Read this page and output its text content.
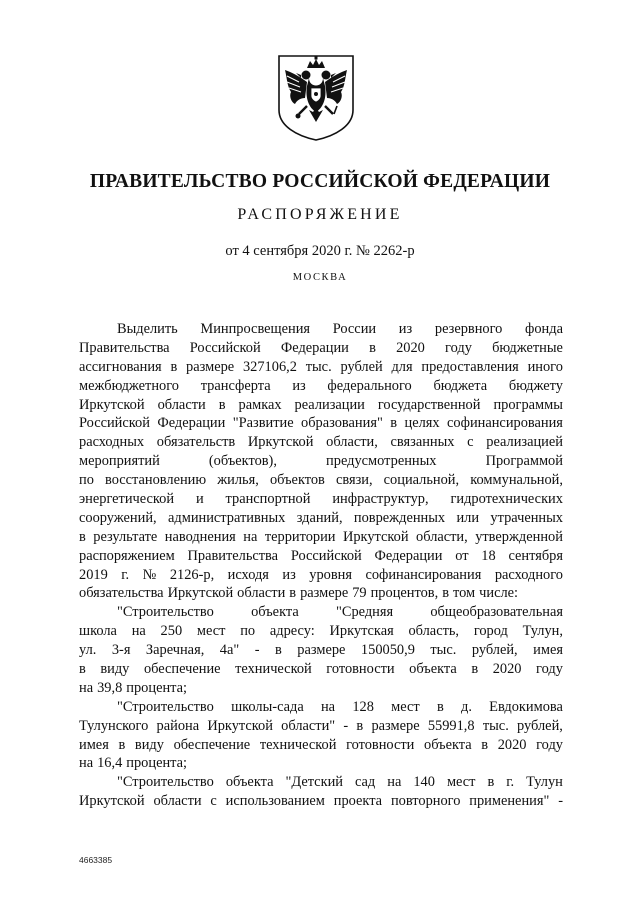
ПРАВИТЕЛЬСТВО РОССИЙСКОЙ ФЕДЕРАЦИИ
РАСПОРЯЖЕНИЕ
от 4 сентября 2020 г. № 2262-р
МОСКВА
Выделить Минпросвещения России из резервного фонда
Правительства Российской Федерации в 2020 году бюджетные
ассигнования в размере 327106,2 тыс. рублей для предоставления иного
межбюджетного трансферта из федерального бюджета бюджету
Иркутской области в рамках реализации государственной программы
Российской Федерации "Развитие образования" в целях софинансирования
расходных обязательств Иркутской области, связанных с реализацией
мероприятий	(объектов),	предусмотренных	Программой
по восстановлению жилья, объектов связи, социальной, коммунальной,
энергетической и транспортной инфраструктур, гидротехнических
сооружений, административных зданий, поврежденных или утраченных
в результате наводнения на территории Иркутской области, утвержденной
распоряжением Правительства Российской Федерации от 18 сентября
2019 г. № 2126-р, исходя из уровня софинансирования расходного
обязательства Иркутской области в размере 79 процентов, в том числе:
"Строительство	объекта	"Средняя	общеобразовательная
школа на 250 мест по адресу: Иркутская область, город Тулун,
ул. 3-я Заречная, 4а" - в размере 150050,9 тыс. рублей, имея
в виду обеспечение технической готовности объекта в 2020 году
на 39,8 процента;
"Строительство школы-сада на 128 мест в д. Евдокимова
Тулунского района Иркутской области" - в размере 55991,8 тыс. рублей,
имея в виду обеспечение технической готовности объекта в 2020 году
на 16,4 процента;
"Строительство объекта "Детский сад на 140 мест в г. Тулун
Иркутской области с использованием проекта повторного применения" -
4663385
